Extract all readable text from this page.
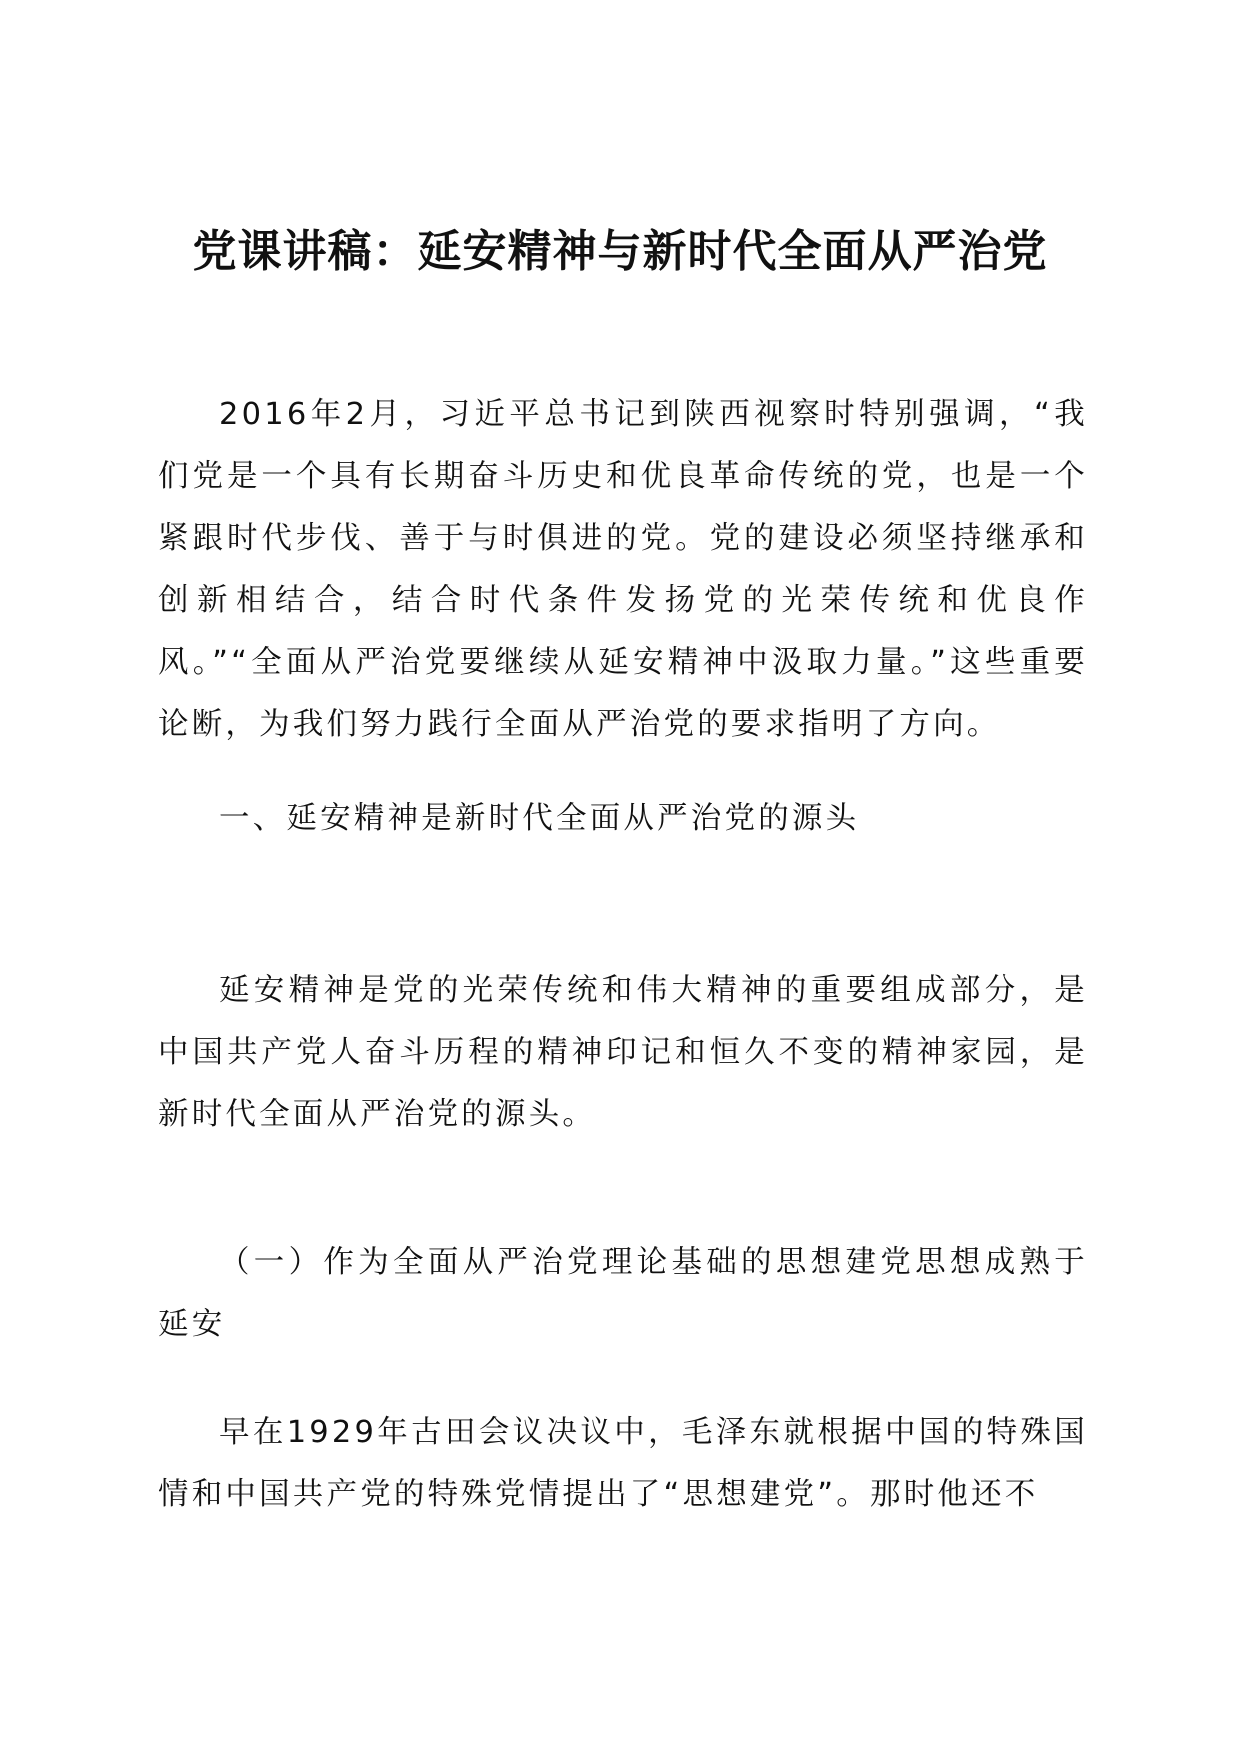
党课讲稿：延安精神与新时代全面从严治党

2016年2月，习近平总书记到陕西视察时特别强调，“我们党是一个具有长期奋斗历史和优良革命传统的党，也是一个紧跟时代步伐、善于与时俱进的党。党的建设必须坚持继承和创新相结合，结合时代条件发扬党的光荣传统和优良作风。”“全面从严治党要继续从延安精神中汲取力量。”这些重要论断，为我们努力践行全面从严治党的要求指明了方向。

一、延安精神是新时代全面从严治党的源头

延安精神是党的光荣传统和伟大精神的重要组成部分，是中国共产党人奋斗历程的精神印记和恒久不变的精神家园，是新时代全面从严治党的源头。

（一）作为全面从严治党理论基础的思想建党思想成熟于延安

早在1929年古田会议决议中，毛泽东就根据中国的特殊国情和中国共产党的特殊党情提出了“思想建党”。那时他还不
